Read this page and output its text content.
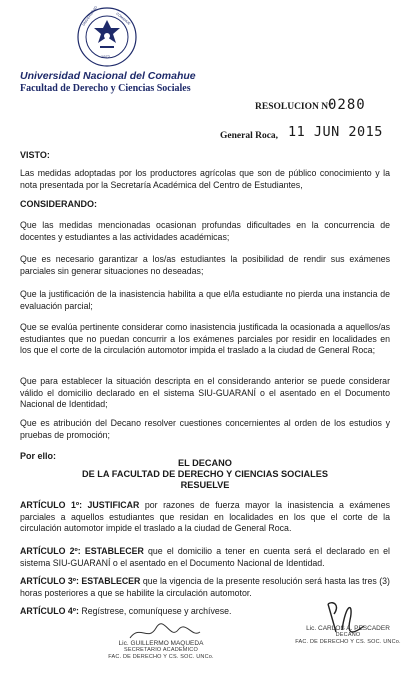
UNIVERSIDAD	COMAHUE
1972
Universidad Nacional del Comahue
Facultad de Derecho y Ciencias Sociales
RESOLUCION N°
0280
General Roca, 11 JUN 2015
VISTO:
Las medidas adoptadas por los productores agrícolas que son de público conocimiento y la nota presentada por la Secretaría Académica del Centro de Estudiantes,
CONSIDERANDO:
Que las medidas mencionadas ocasionan profundas dificultades en la concurrencia de docentes y estudiantes a las actividades académicas;
Que es necesario garantizar a los/as estudiantes la posibilidad de rendir sus exámenes parciales sin generar situaciones no deseadas;
Que la justificación de la inasistencia habilita a que el/la estudiante no pierda una instancia de evaluación parcial;
Que se evalúa pertinente considerar como inasistencia justificada la ocasionada a aquellos/as estudiantes que no puedan concurrir a los exámenes parciales por residir en localidades en los que el corte de la circulación automotor impida el traslado a la ciudad de General Roca;
Que para establecer la situación descripta en el considerando anterior se puede considerar válido el domicilio declarado en el sistema SIU-GUARANÍ o el asentado en el Documento Nacional de Identidad;
Que es atribución del Decano resolver cuestiones concernientes al orden de los estudios y pruebas de promoción;
Por ello:
EL DECANO
DE LA FACULTAD DE DERECHO Y CIENCIAS SOCIALES
RESUELVE
ARTÍCULO 1º: JUSTIFICAR por razones de fuerza mayor la inasistencia a exámenes parciales a aquellos estudiantes que residan en localidades en los que el corte de la circulación automotor impide el traslado a la ciudad de General Roca.
ARTÍCULO 2º: ESTABLECER que el domicilio a tener en cuenta será el declarado en el sistema SIU-GUARANÍ o el asentado en el Documento Nacional de Identidad.
ARTÍCULO 3º: ESTABLECER que la vigencia de la presente resolución será hasta las tres (3) horas posteriores a que se habilite la circulación automotor.
ARTÍCULO 4º: Regístrese, comuníquese y archívese.
Lic. GUILLERMO MAQUEDA
SECRETARIO ACADEMICO
FAC. DE DERECHO Y CS. SOC. UNCo.
Lic. CARLOS A. PESCADER
DECANO
FAC. DE DERECHO Y CS. SOC. UNCo.
